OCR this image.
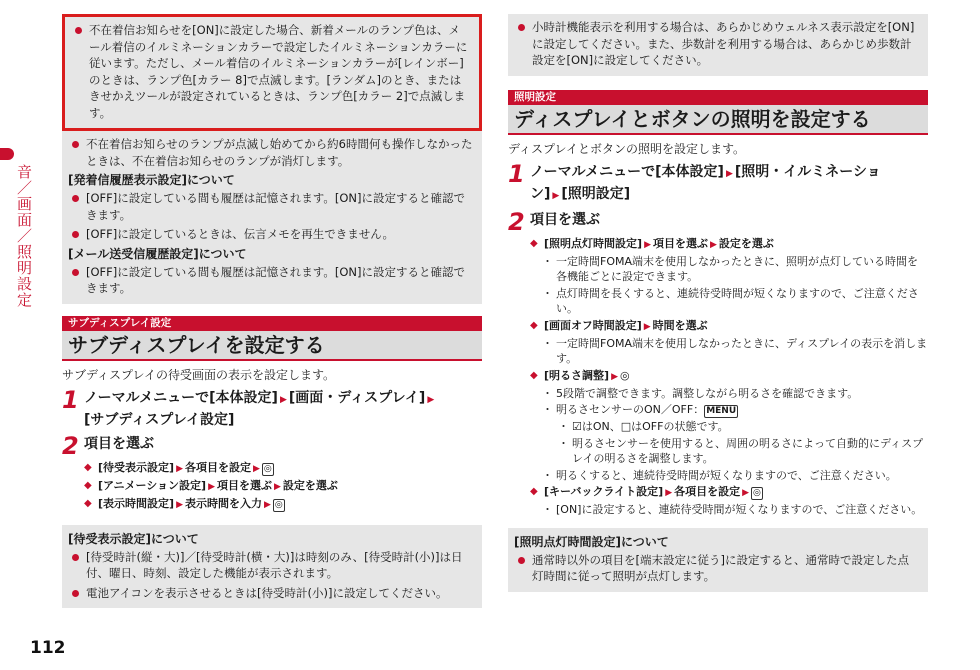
音／画面／照明設定
不在着信お知らせを[ON]に設定した場合、新着メールのランプ色は、メール着信のイルミネーションカラーで設定したイルミネーションカラーに従います。ただし、メール着信のイルミネーションカラーが[レインボー]のときは、ランプ色[カラー 8]で点滅します。[ランダム]のとき、またはきせかえツールが設定されているときは、ランプ色[カラー 2]で点滅します。
不在着信お知らせのランプが点滅し始めてから約6時間何も操作しなかったときは、不在着信お知らせのランプが消灯します。
[発着信履歴表示設定]について
[OFF]に設定している間も履歴は記憶されます。[ON]に設定すると確認できます。
[OFF]に設定しているときは、伝言メモを再生できません。
[メール送受信履歴設定]について
[OFF]に設定している間も履歴は記憶されます。[ON]に設定すると確認できます。
サブディスプレイ設定
サブディスプレイを設定する
サブディスプレイの待受画面の表示を設定します。
1 ノーマルメニューで[本体設定] ▶ [画面・ディスプレイ] ▶
[サブディスプレイ設定]
2 項目を選ぶ
◆ [待受表示設定] ▶ 各項目を設定 ▶ ◎
◆ [アニメーション設定] ▶ 項目を選ぶ ▶ 設定を選ぶ
◆ [表示時間設定] ▶ 表示時間を入力 ▶ ◎
[待受表示設定]について
[待受時計(縦・大)]／[待受時計(横・大)]は時刻のみ、[待受時計(小)]は日付、曜日、時刻、設定した機能が表示されます。
電池アイコンを表示させるときは[待受時計(小)]に設定してください。
小時計機能表示を利用する場合は、あらかじめウェルネス表示設定を[ON]に設定してください。また、歩数計を利用する場合は、あらかじめ歩数計設定を[ON]に設定してください。
照明設定
ディスプレイとボタンの照明を設定する
ディスプレイとボタンの照明を設定します。
1 ノーマルメニューで[本体設定] ▶ [照明・イルミネーション] ▶ [照明設定]
2 項目を選ぶ
◆ [照明点灯時間設定] ▶ 項目を選ぶ ▶ 設定を選ぶ
・ 一定時間FOMA端末を使用しなかったときに、照明が点灯している時間を各機能ごとに設定できます。
・ 点灯時間を長くすると、連続待受時間が短くなりますので、ご注意ください。
◆ [画面オフ時間設定] ▶ 時間を選ぶ
・ 一定時間FOMA端末を使用しなかったときに、ディスプレイの表示を消します。
◆ [明るさ調整] ▶ ◎
・ 5段階で調整できます。調整しながら明るさを確認できます。
・ 明るさセンサーのON／OFF： MENU
・ ☑はON、□はOFFの状態です。
・ 明るさセンサーを使用すると、周囲の明るさによって自動的にディスプレイの明るさを調整します。
・ 明るくすると、連続待受時間が短くなりますので、ご注意ください。
◆ [キーバックライト設定] ▶ 各項目を設定 ▶ ◎
・ [ON]に設定すると、連続待受時間が短くなりますので、ご注意ください。
[照明点灯時間設定]について
通常時以外の項目を[端末設定に従う]に設定すると、通常時で設定した点灯時間に従って照明が点灯します。
112
